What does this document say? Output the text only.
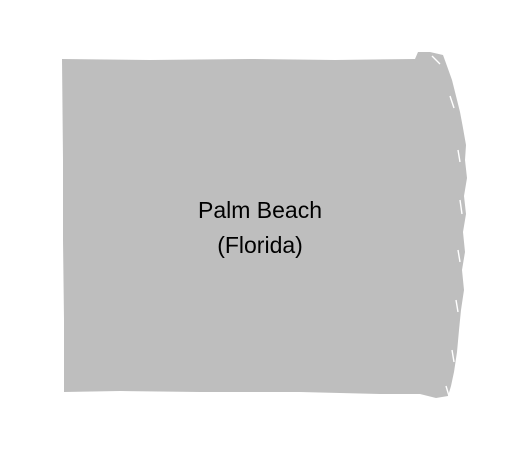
Palm Beach
(Florida)
